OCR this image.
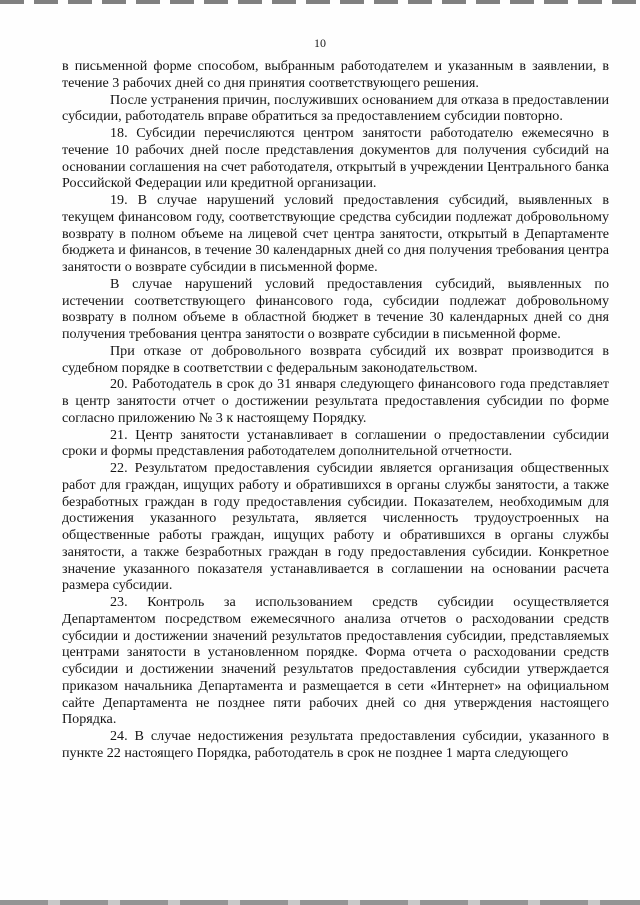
10

в письменной форме способом, выбранным работодателем и указанным в заявлении, в течение 3 рабочих дней со дня принятия соответствующего решения.

После устранения причин, послуживших основанием для отказа в предоставлении субсидии, работодатель вправе обратиться за предоставлением субсидии повторно.

18. Субсидии перечисляются центром занятости работодателю ежемесячно в течение 10 рабочих дней после представления документов для получения субсидий на основании соглашения на счет работодателя, открытый в учреждении Центрального банка Российской Федерации или кредитной организации.

19. В случае нарушений условий предоставления субсидий, выявленных в текущем финансовом году, соответствующие средства субсидии подлежат добровольному возврату в полном объеме на лицевой счет центра занятости, открытый в Департаменте бюджета и финансов, в течение 30 календарных дней со дня получения требования центра занятости о возврате субсидии в письменной форме.

В случае нарушений условий предоставления субсидий, выявленных по истечении соответствующего финансового года, субсидии подлежат добровольному возврату в полном объеме в областной бюджет в течение 30 календарных дней со дня получения требования центра занятости о возврате субсидии в письменной форме.

При отказе от добровольного возврата субсидий их возврат производится в судебном порядке в соответствии с федеральным законодательством.

20. Работодатель в срок до 31 января следующего финансового года представляет в центр занятости отчет о достижении результата предоставления субсидии по форме согласно приложению № 3 к настоящему Порядку.

21. Центр занятости устанавливает в соглашении о предоставлении субсидии сроки и формы представления работодателем дополнительной отчетности.

22. Результатом предоставления субсидии является организация общественных работ для граждан, ищущих работу и обратившихся в органы службы занятости, а также безработных граждан в году предоставления субсидии. Показателем, необходимым для достижения указанного результата, является численность трудоустроенных на общественные работы граждан, ищущих работу и обратившихся в органы службы занятости, а также безработных граждан в году предоставления субсидии. Конкретное значение указанного показателя устанавливается в соглашении на основании расчета размера субсидии.

23. Контроль за использованием средств субсидии осуществляется Департаментом посредством ежемесячного анализа отчетов о расходовании средств субсидии и достижении значений результатов предоставления субсидии, представляемых центрами занятости в установленном порядке. Форма отчета о расходовании средств субсидии и достижении значений результатов предоставления субсидии утверждается приказом начальника Департамента и размещается в сети «Интернет» на официальном сайте Департамента не позднее пяти рабочих дней со дня утверждения настоящего Порядка.

24. В случае недостижения результата предоставления субсидии, указанного в пункте 22 настоящего Порядка, работодатель в срок не позднее 1 марта следующего
